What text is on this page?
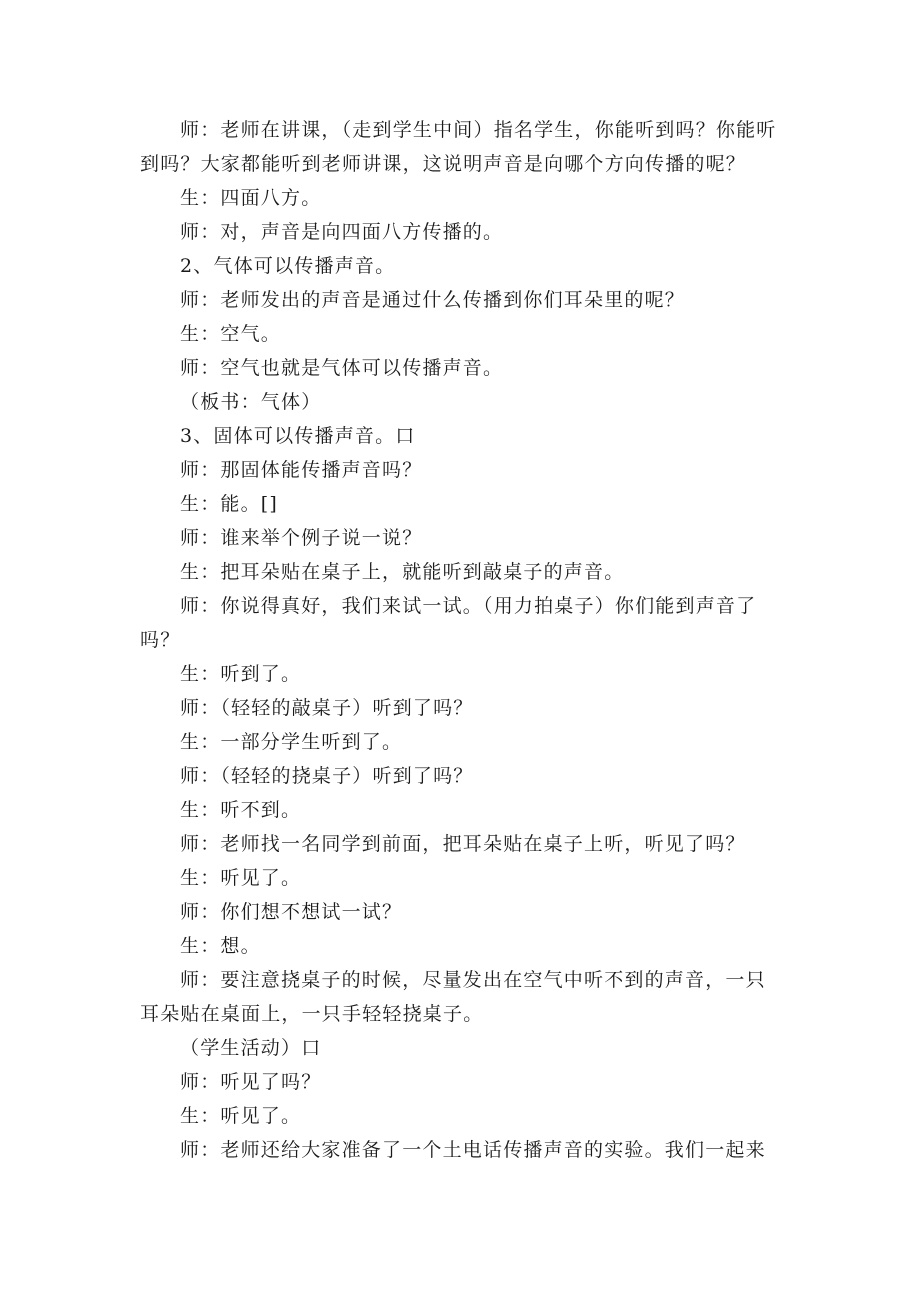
师：老师在讲课，（走到学生中间）指名学生，你能听到吗？你能听到吗？大家都能听到老师讲课，这说明声音是向哪个方向传播的呢？

生：四面八方。

师：对，声音是向四面八方传播的。

2、气体可以传播声音。

师：老师发出的声音是通过什么传播到你们耳朵里的呢？

生：空气。

师：空气也就是气体可以传播声音。

（板书：气体）

3、固体可以传播声音。口

师：那固体能传播声音吗？

生：能。[]

师：谁来举个例子说一说？

生：把耳朵贴在桌子上，就能听到敲桌子的声音。

师：你说得真好，我们来试一试。（用力拍桌子）你们能到声音了吗？

生：听到了。

师：（轻轻的敲桌子）听到了吗？

生：一部分学生听到了。

师：（轻轻的挠桌子）听到了吗？

生：听不到。

师：老师找一名同学到前面，把耳朵贴在桌子上听，听见了吗？

生：听见了。

师：你们想不想试一试？

生：想。

师：要注意挠桌子的时候，尽量发出在空气中听不到的声音，一只耳朵贴在桌面上，一只手轻轻挠桌子。

（学生活动）口

师：听见了吗？

生：听见了。

师：老师还给大家准备了一个土电话传播声音的实验。我们一起来
